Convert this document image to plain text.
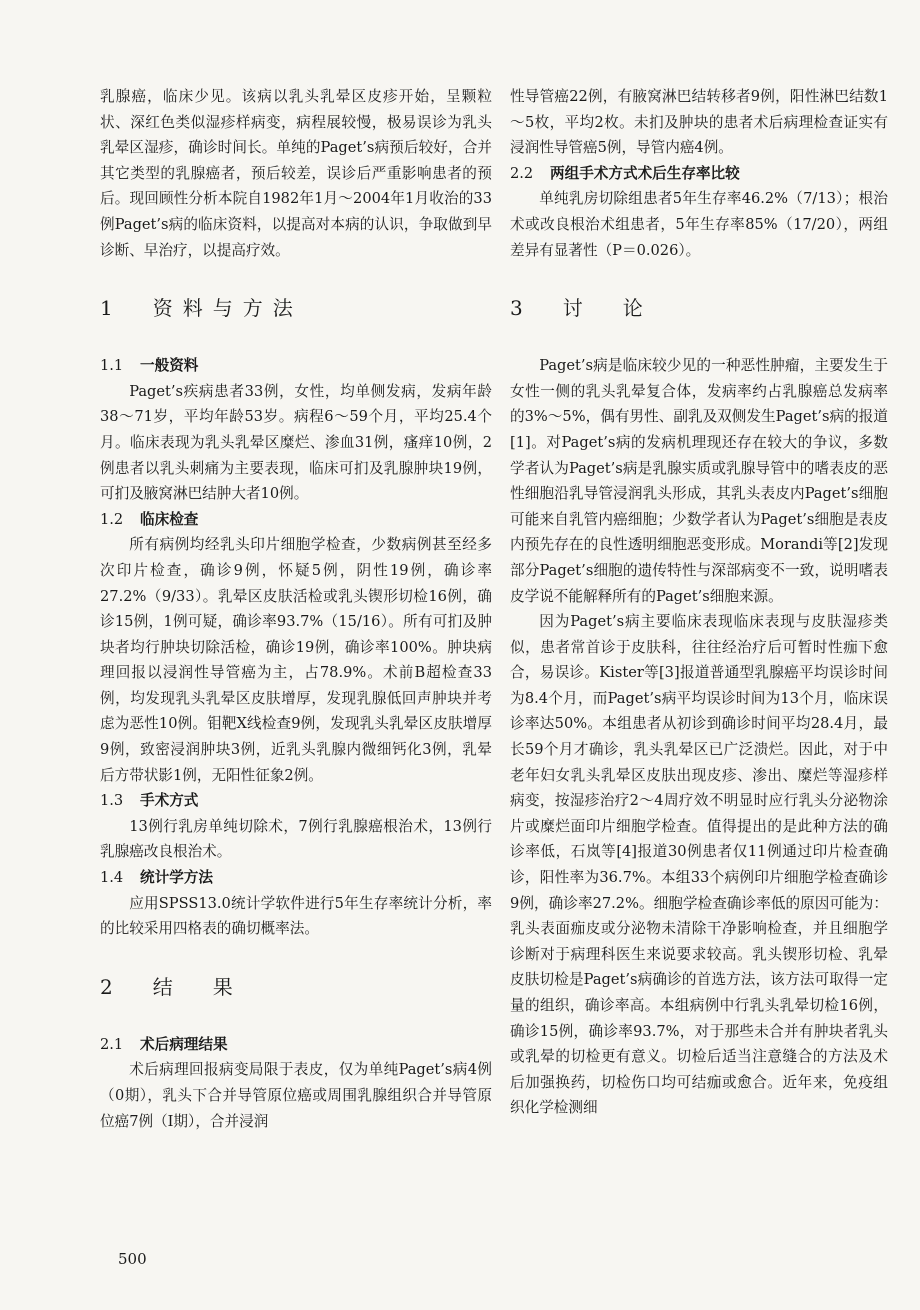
乳腺癌，临床少见。该病以乳头乳晕区皮疹开始，呈颗粒状、深红色类似湿疹样病变，病程展较慢，极易误诊为乳头乳晕区湿疹，确诊时间长。单纯的Paget’s病预后较好，合并其它类型的乳腺癌者，预后较差，误诊后严重影响患者的预后。现回顾性分析本院自1982年1月～2004年1月收治的33例Paget’s病的临床资料，以提高对本病的认识，争取做到早诊断、早治疗，以提高疗效。

1　资料与方法
1.1 一般资料

Paget’s疾病患者33例，女性，均单侧发病，发病年龄38～71岁，平均年龄53岁。病程6～59个月，平均25.4个月。临床表现为乳头乳晕区糜烂、渗血31例，瘙痒10例，2例患者以乳头刺痛为主要表现，临床可扪及乳腺肿块19例，可扪及腋窝淋巴结肿大者10例。

1.2 临床检查

所有病例均经乳头印片细胞学检查，少数病例甚至经多次印片检查，确诊9例，怀疑5例，阴性19例，确诊率27.2%（9/33）。乳晕区皮肤活检或乳头锲形切检16例，确诊15例，1例可疑，确诊率93.7%（15/16）。所有可扪及肿块者均行肿块切除活检，确诊19例，确诊率100%。肿块病理回报以浸润性导管癌为主，占78.9%。术前B超检查33例，均发现乳头乳晕区皮肤增厚，发现乳腺低回声肿块并考虑为恶性10例。钼靶X线检查9例，发现乳头乳晕区皮肤增厚9例，致密浸润肿块3例，近乳头乳腺内微细钙化3例，乳晕后方带状影1例，无阳性征象2例。

1.3 手术方式

13例行乳房单纯切除术，7例行乳腺癌根治术，13例行乳腺癌改良根治术。

1.4 统计学方法

应用SPSS13.0统计学软件进行5年生存率统计分析，率的比较采用四格表的确切概率法。

2　结　果
2.1 术后病理结果

术后病理回报病变局限于表皮，仅为单纯Paget’s病4例（0期），乳头下合并导管原位癌或周围乳腺组织合并导管原位癌7例（Ⅰ期），合并浸润

性导管癌22例，有腋窝淋巴结转移者9例，阳性淋巴结数1～5枚，平均2枚。未扪及肿块的患者术后病理检查证实有浸润性导管癌5例，导管内癌4例。

2.2 两组手术方式术后生存率比较

单纯乳房切除组患者5年生存率46.2%（7/13）；根治术或改良根治术组患者，5年生存率85%（17/20），两组差异有显著性（P＝0.026）。

3　讨　论

Paget’s病是临床较少见的一种恶性肿瘤，主要发生于女性一侧的乳头乳晕复合体，发病率约占乳腺癌总发病率的3%～5%，偶有男性、副乳及双侧发生Paget’s病的报道[1]。对Paget’s病的发病机理现还存在较大的争议，多数学者认为Paget’s病是乳腺实质或乳腺导管中的嗜表皮的恶性细胞沿乳导管浸润乳头形成，其乳头表皮内Paget’s细胞可能来自乳管内癌细胞；少数学者认为Paget’s细胞是表皮内预先存在的良性透明细胞恶变形成。Morandi等[2]发现部分Paget’s细胞的遗传特性与深部病变不一致，说明嗜表皮学说不能解释所有的Paget’s细胞来源。

因为Paget’s病主要临床表现临床表现与皮肤湿疹类似，患者常首诊于皮肤科，往往经治疗后可暂时性痂下愈合，易误诊。Kister等[3]报道普通型乳腺癌平均误诊时间为8.4个月，而Paget’s病平均误诊时间为13个月，临床误诊率达50%。本组患者从初诊到确诊时间平均28.4月，最长59个月才确诊，乳头乳晕区已广泛溃烂。因此，对于中老年妇女乳头乳晕区皮肤出现皮疹、渗出、糜烂等湿疹样病变，按湿疹治疗2～4周疗效不明显时应行乳头分泌物涂片或糜烂面印片细胞学检查。值得提出的是此种方法的确诊率低，石岚等[4]报道30例患者仅11例通过印片检查确诊，阳性率为36.7%。本组33个病例印片细胞学检查确诊9例，确诊率27.2%。细胞学检查确诊率低的原因可能为：乳头表面痂皮或分泌物未清除干净影响检查，并且细胞学诊断对于病理科医生来说要求较高。乳头锲形切检、乳晕皮肤切检是Paget’s病确诊的首选方法，该方法可取得一定量的组织，确诊率高。本组病例中行乳头乳晕切检16例，确诊15例，确诊率93.7%，对于那些未合并有肿块者乳头或乳晕的切检更有意义。切检后适当注意缝合的方法及术后加强换药，切检伤口均可结痂或愈合。近年来，免疫组织化学检测细

500
